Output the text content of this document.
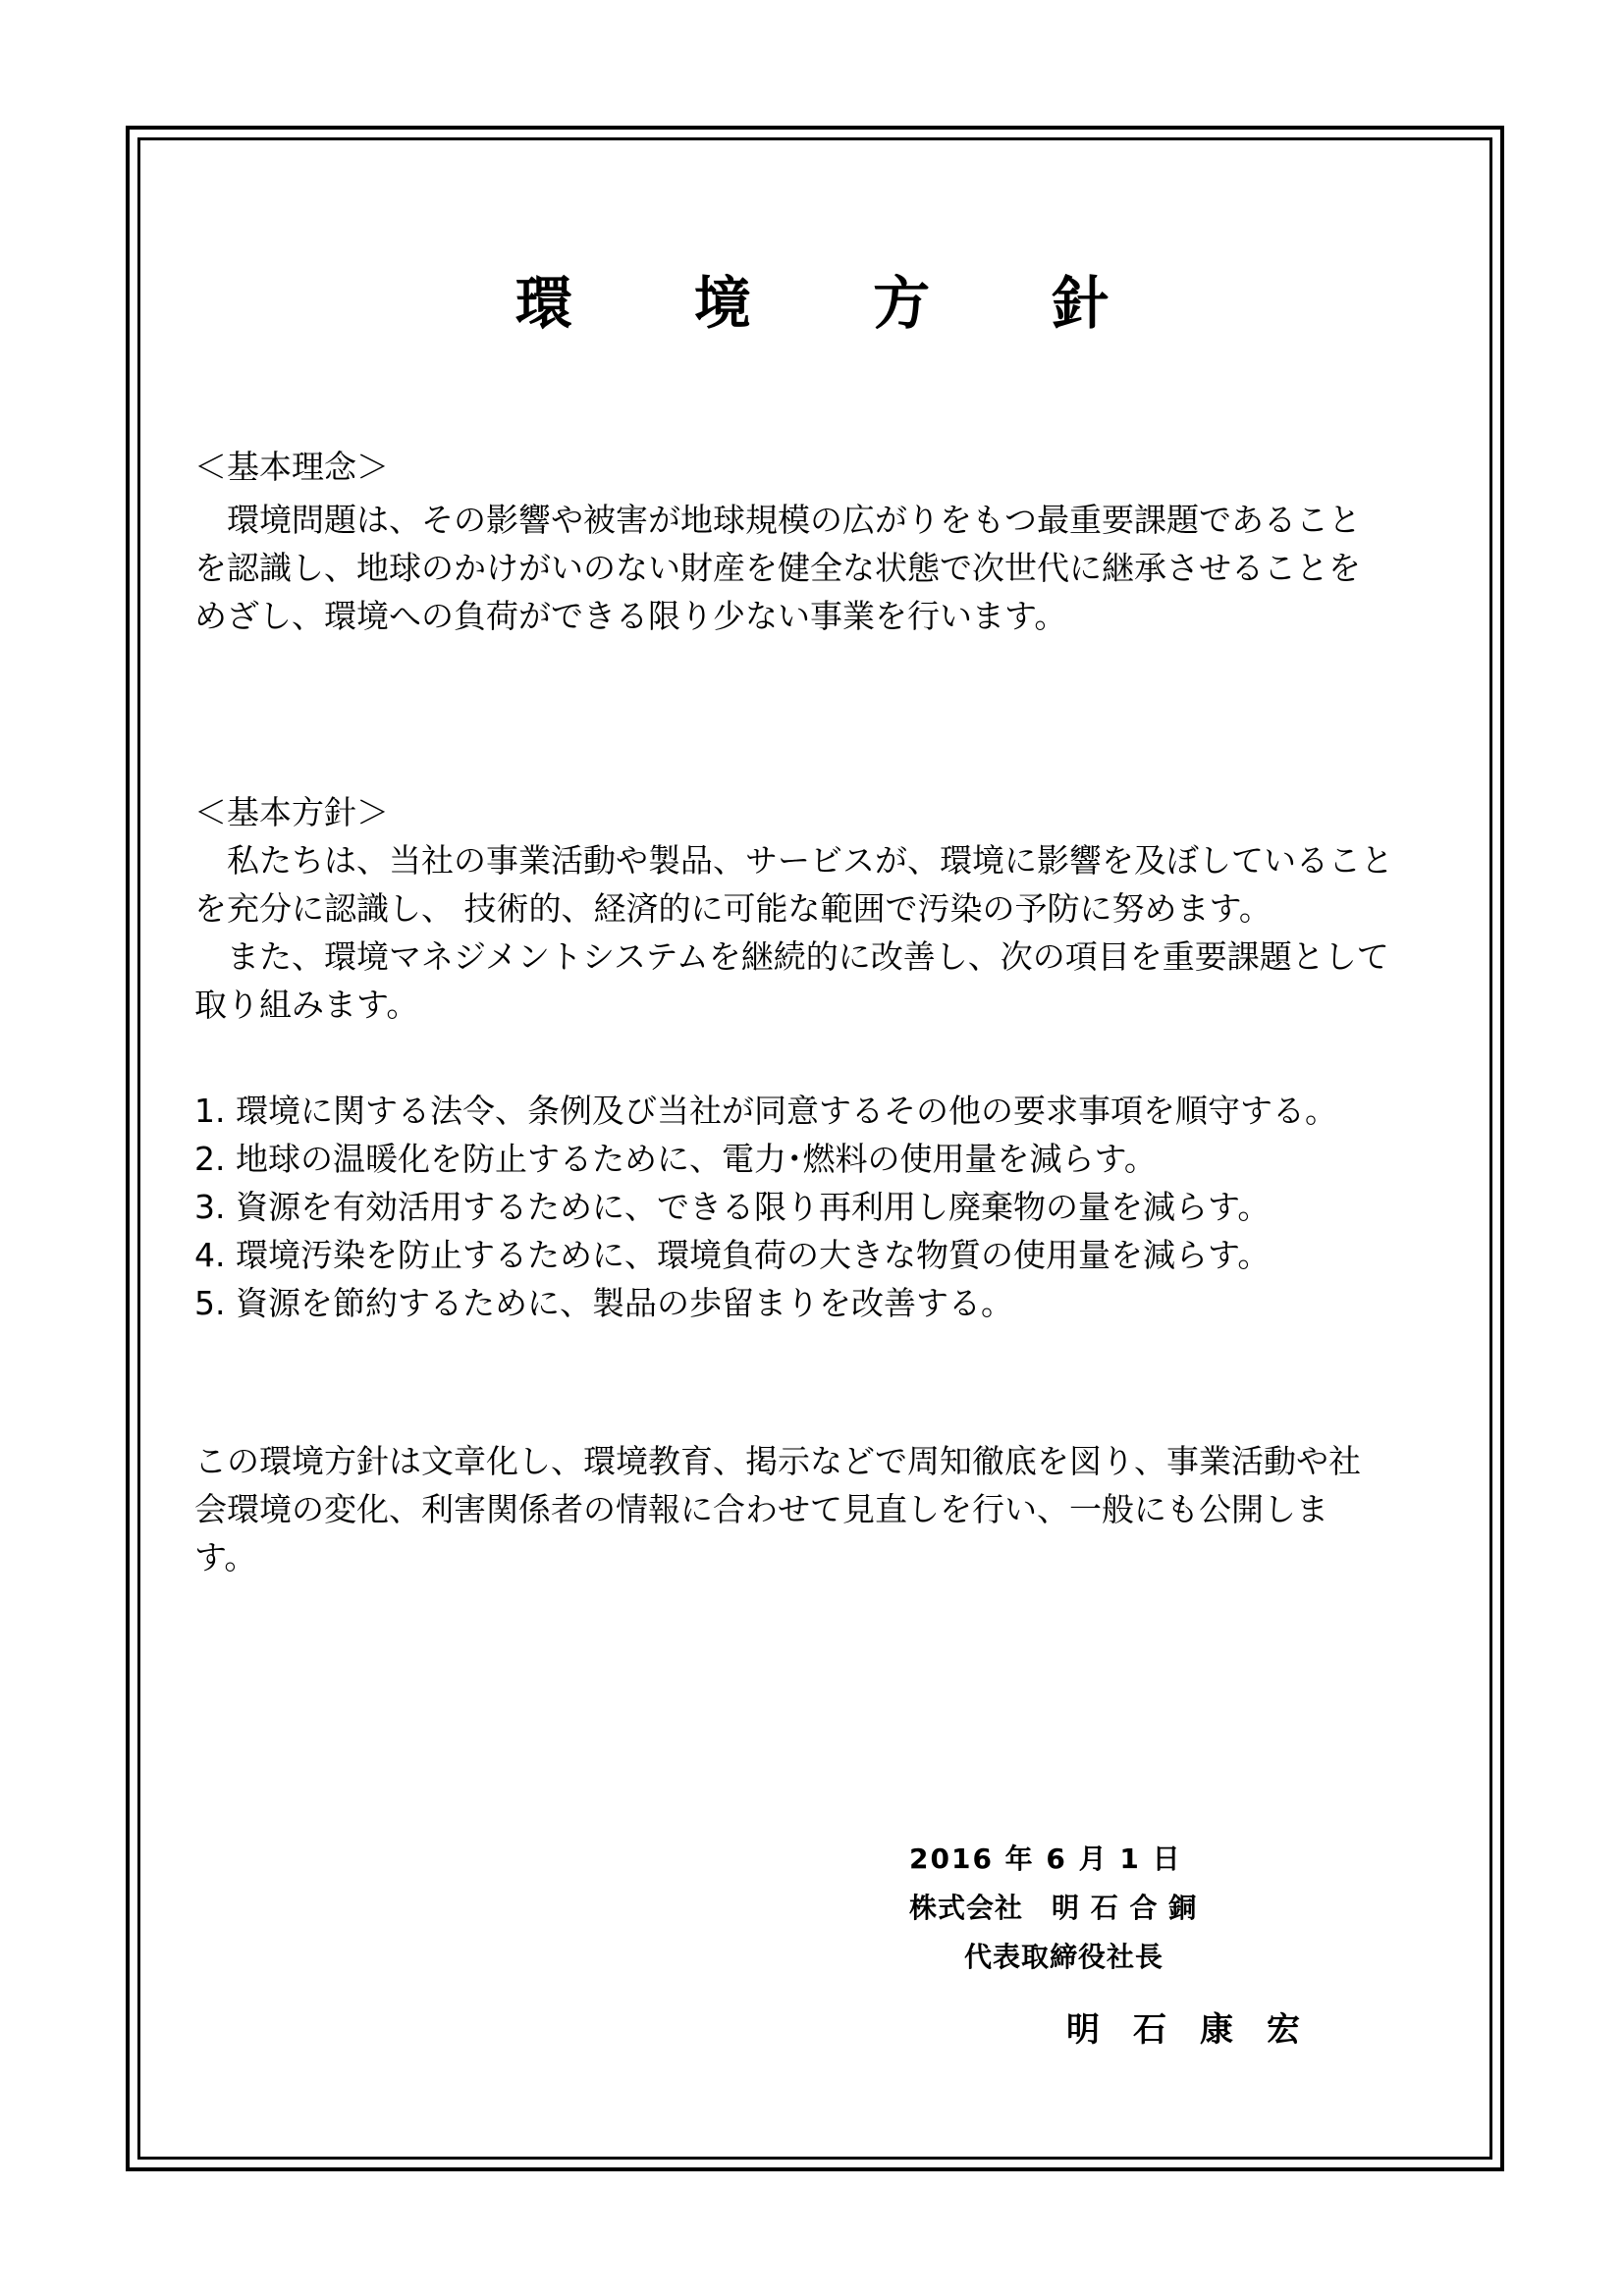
環 境 方 針
＜基本理念＞
　環境問題は、その影響や被害が地球規模の広がりをもつ最重要課題であること
を認識し、地球のかけがいのない財産を健全な状態で次世代に継承させることを
めざし、環境への負荷ができる限り少ない事業を行います。
＜基本方針＞
　私たちは、当社の事業活動や製品、サービスが、環境に影響を及ぼしていること
を充分に認識し、 技術的、経済的に可能な範囲で汚染の予防に努めます。
　また、環境マネジメントシステムを継続的に改善し、次の項目を重要課題として
取り組みます。
1. 環境に関する法令、条例及び当社が同意するその他の要求事項を順守する。
2. 地球の温暖化を防止するために、電力･燃料の使用量を減らす。
3. 資源を有効活用するために、できる限り再利用し廃棄物の量を減らす。
4. 環境汚染を防止するために、環境負荷の大きな物質の使用量を減らす。
5. 資源を節約するために、製品の歩留まりを改善する。
この環境方針は文章化し、環境教育、掲示などで周知徹底を図り、事業活動や社
会環境の変化、利害関係者の情報に合わせて見直しを行い、一般にも公開しま
す。
2016 年 6 月 1 日
株式会社　明 石 合 銅
代表取締役社長
明石康宏
